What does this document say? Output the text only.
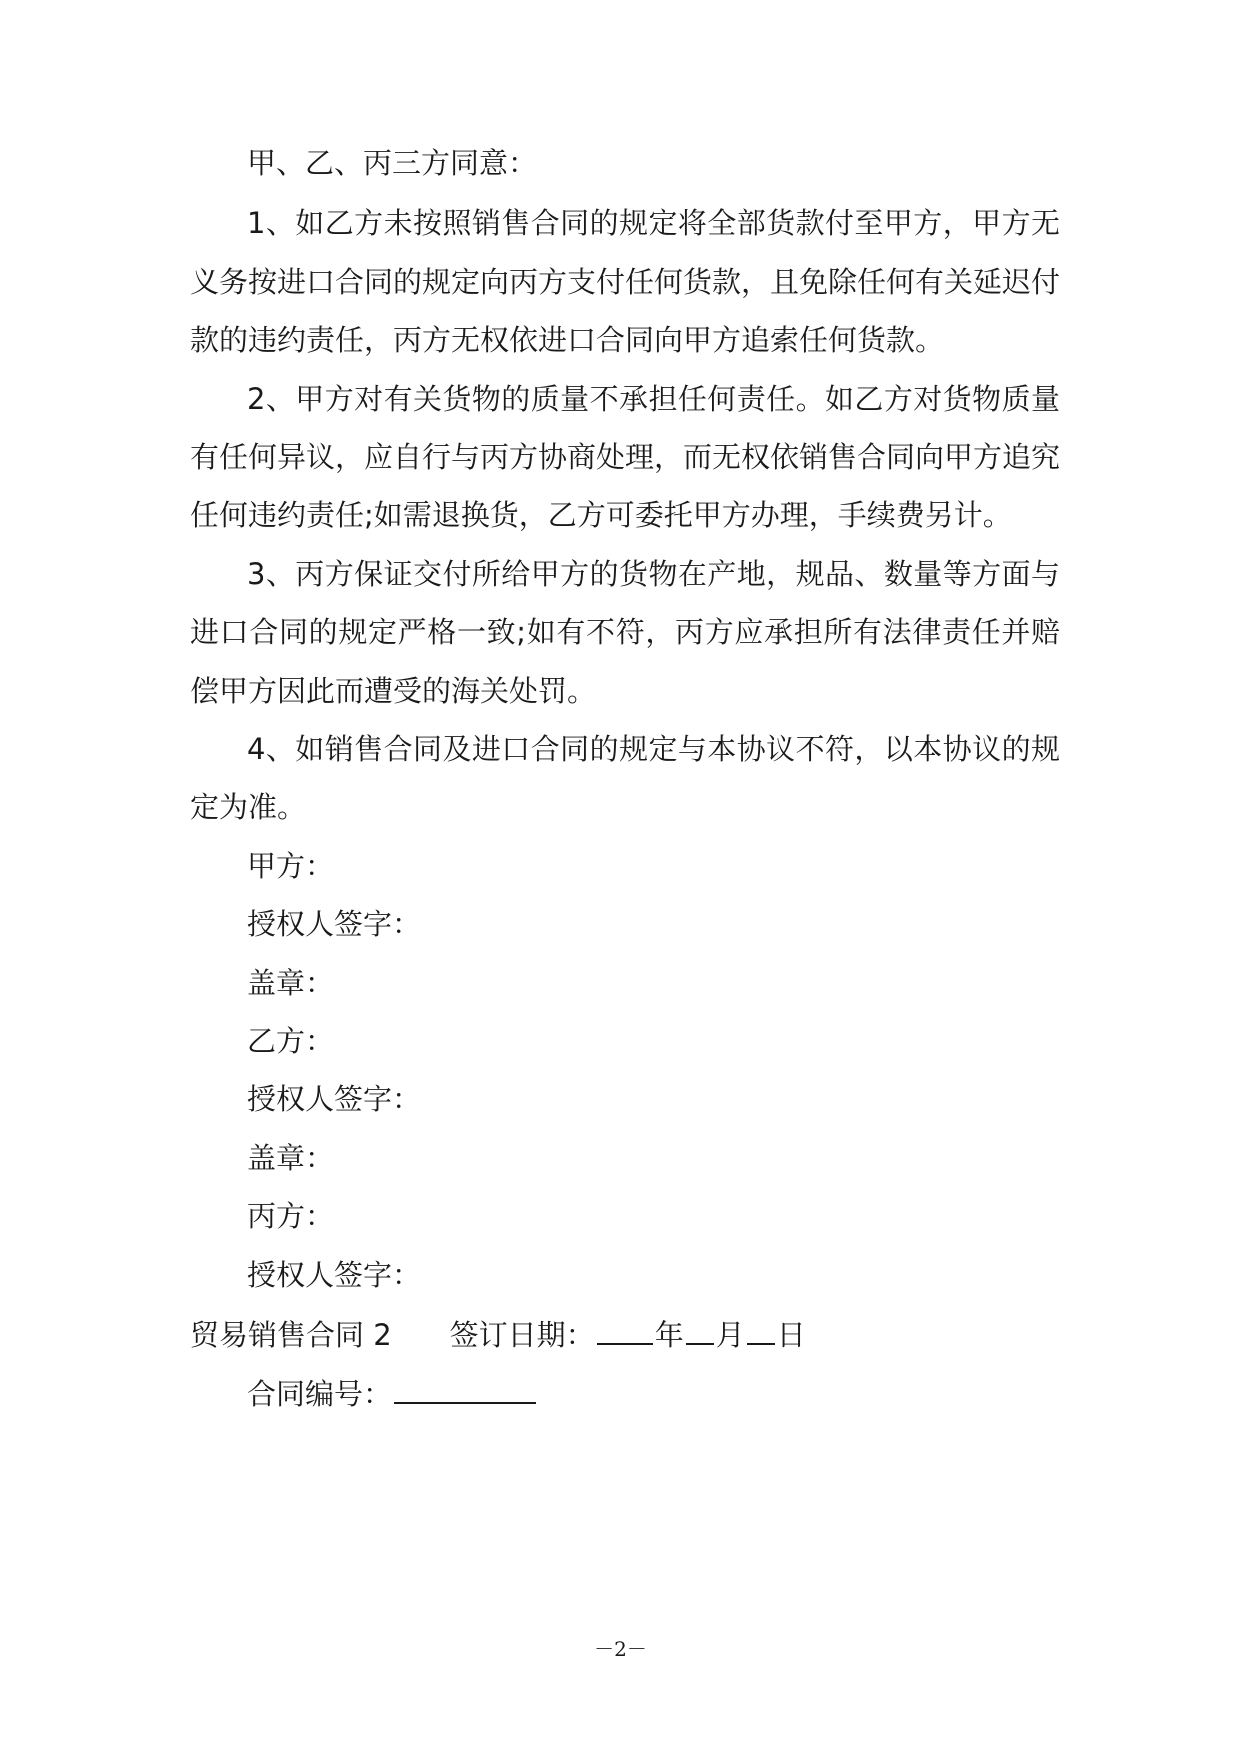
甲、乙、丙三方同意：
1、如乙方未按照销售合同的规定将全部货款付至甲方，甲方无
义务按进口合同的规定向丙方支付任何货款，且免除任何有关延迟付
款的违约责任，丙方无权依进口合同向甲方追索任何货款。
2、甲方对有关货物的质量不承担任何责任。如乙方对货物质量
有任何异议，应自行与丙方协商处理，而无权依销售合同向甲方追究
任何违约责任;如需退换货，乙方可委托甲方办理，手续费另计。
3、丙方保证交付所给甲方的货物在产地，规品、数量等方面与
进口合同的规定严格一致;如有不符，丙方应承担所有法律责任并赔
偿甲方因此而遭受的海关处罚。
4、如销售合同及进口合同的规定与本协议不符，以本协议的规
定为准。
甲方：
授权人签字：
盖章：
乙方：
授权人签字：
盖章：
丙方：
授权人签字：
贸易销售合同 2 签订日期： 年 月 日
合同编号：
－2－
